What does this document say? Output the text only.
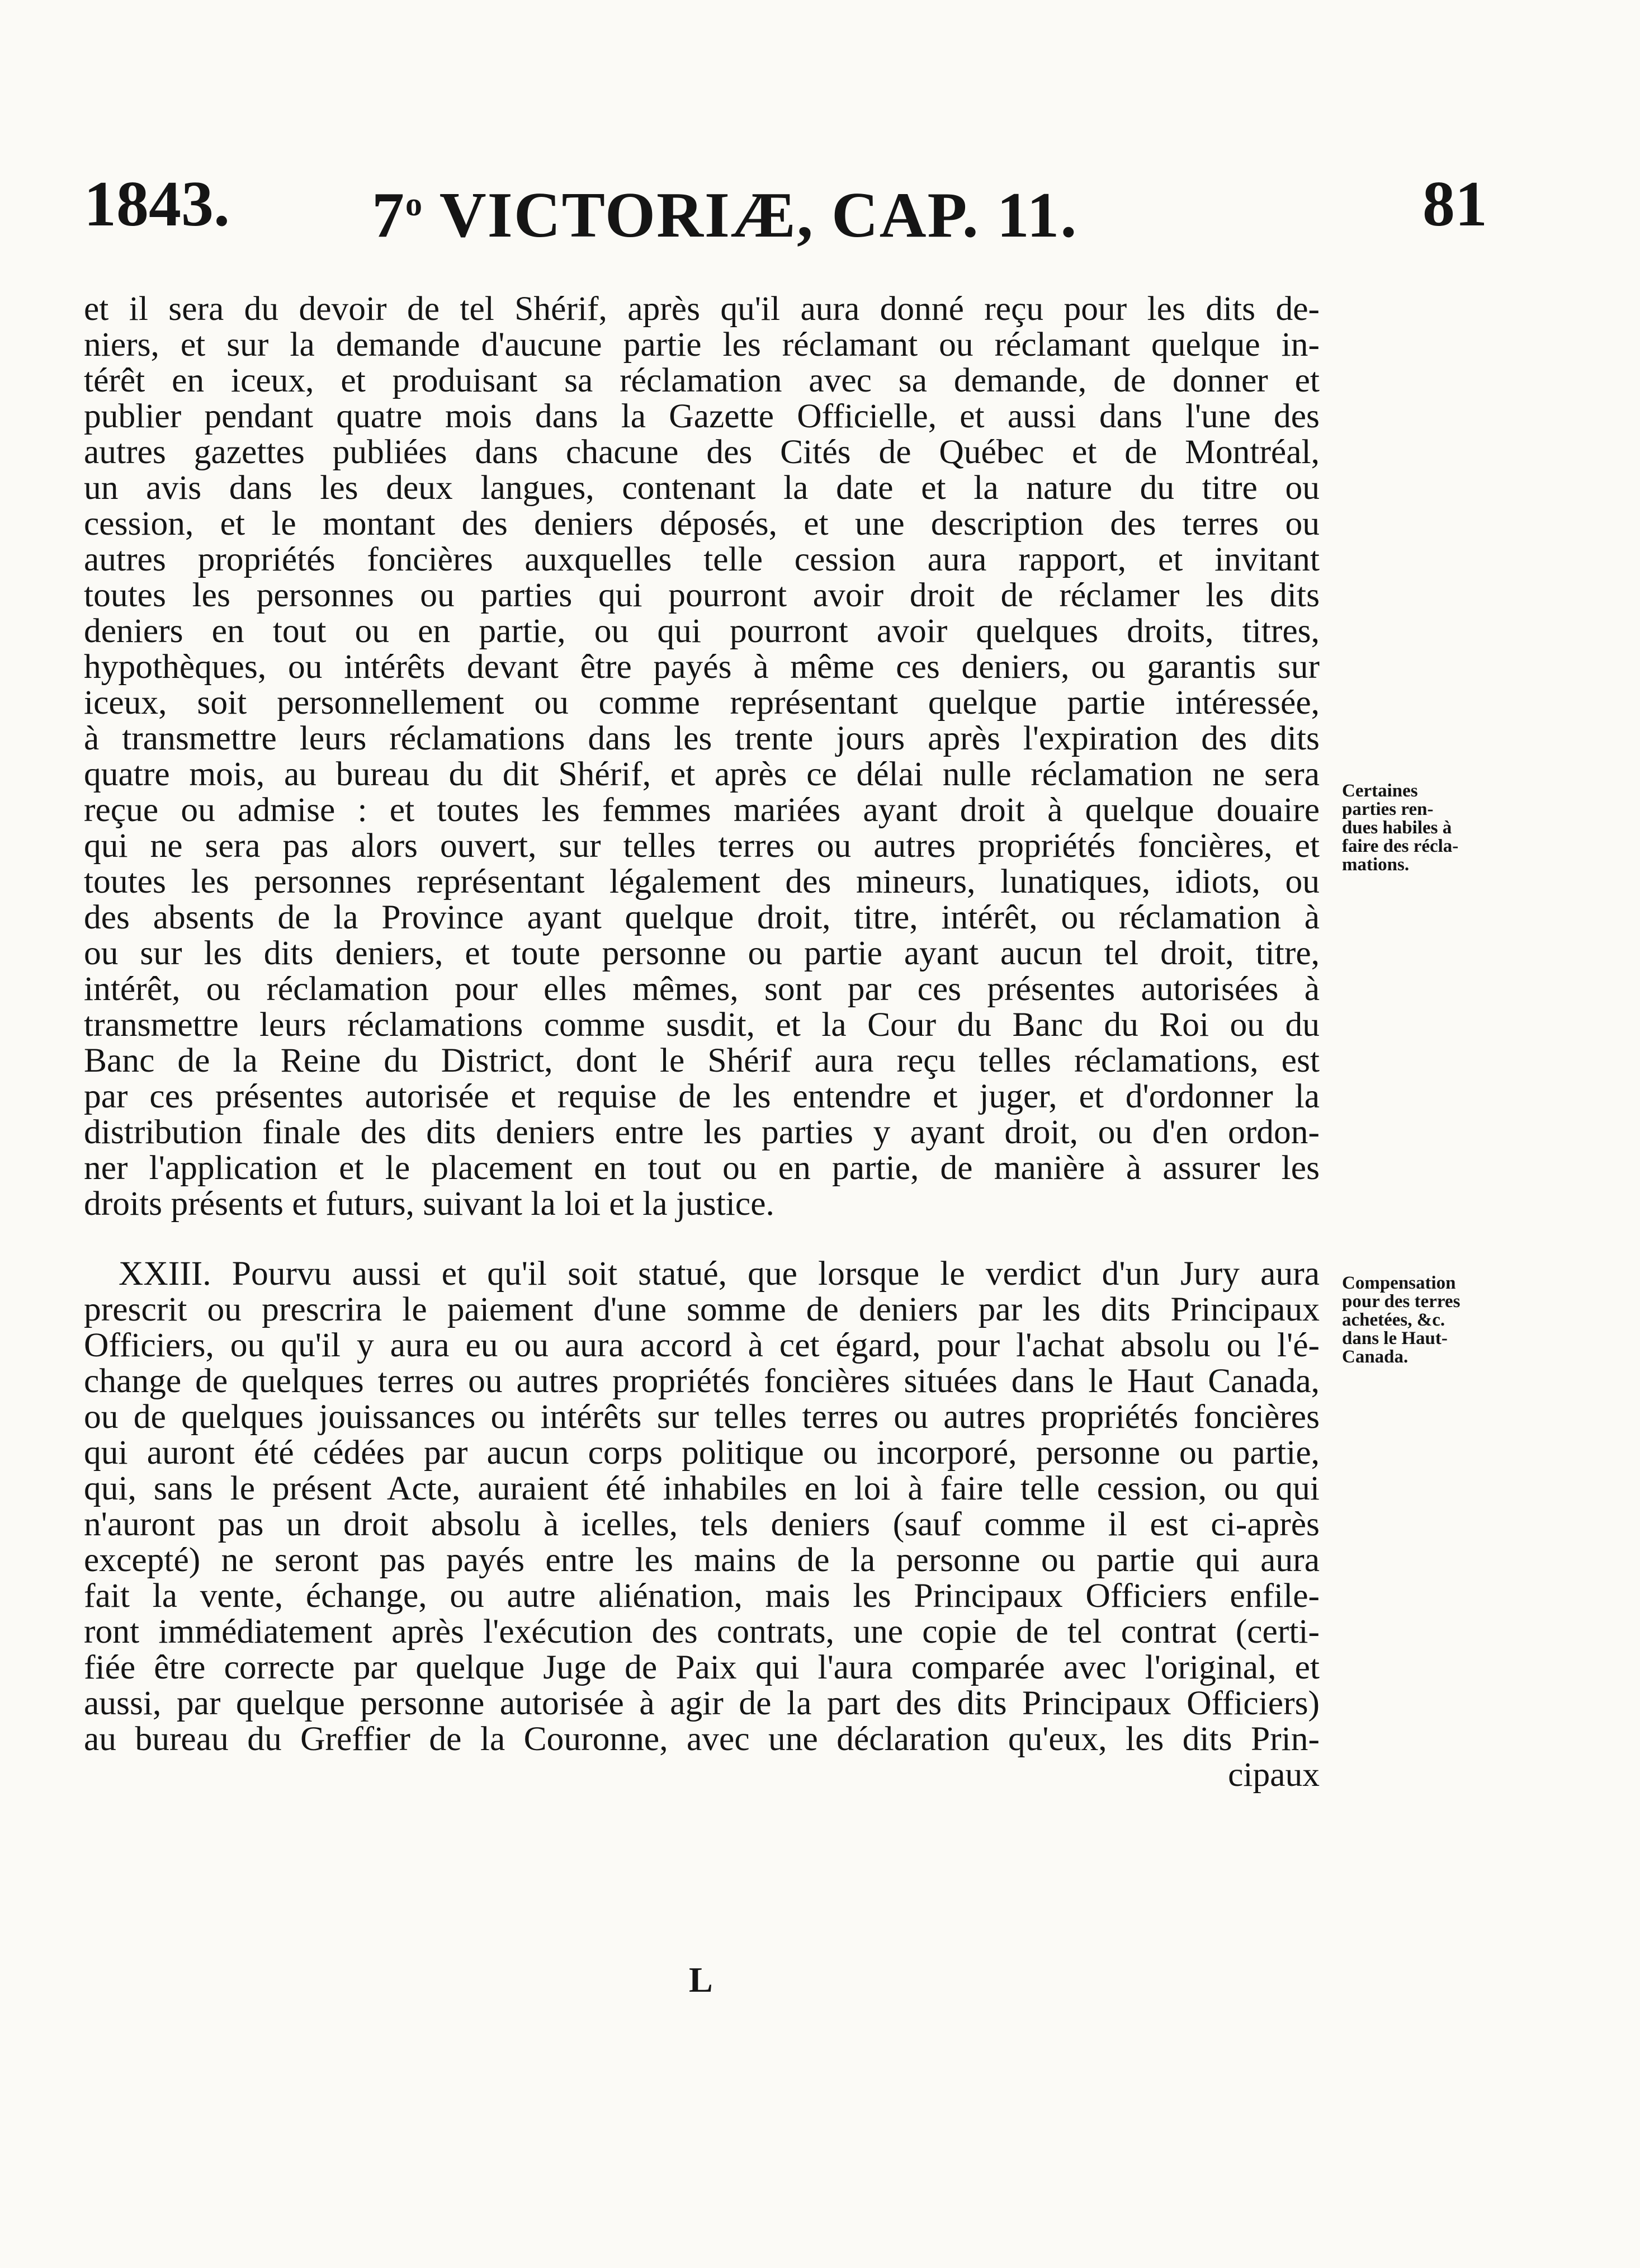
1843. 7$^o$ VICTORIÆ, CAP. 11.	81
et il sera du devoir de tel Shérif, après qu'il aura donné reçu pour les dits de-
niers, et sur la demande d'aucune partie les réclamant ou réclamant quelque in-
térêt en iceux, et produisant sa réclamation avec sa demande, de donner et
publier pendant quatre mois dans la Gazette Officielle, et aussi dans l'une des
autres gazettes publiées dans chacune des Cités de Québec et de Montréal,
un avis dans les deux langues, contenant la date et la nature du titre ou
cession, et le montant des deniers déposés, et une description des terres ou
autres propriétés foncières auxquelles telle cession aura rapport, et invitant
toutes les personnes ou parties qui pourront avoir droit de réclamer les dits
deniers en tout ou en partie, ou qui pourront avoir quelques droits, titres,
hypothèques, ou intérêts devant être payés à même ces deniers, ou garantis sur
iceux, soit personnellement ou comme représentant quelque partie intéressée,
à transmettre leurs réclamations dans les trente jours après l'expiration des dits
quatre mois, au bureau du dit Shérif, et après ce délai nulle réclamation ne sera
reçue ou admise : et toutes les femmes mariées ayant droit à quelque douaire
qui ne sera pas alors ouvert, sur telles terres ou autres propriétés foncières, et
toutes les personnes représentant légalement des mineurs, lunatiques, idiots, ou
des absents de la Province ayant quelque droit, titre, intérêt, ou réclamation à
ou sur les dits deniers, et toute personne ou partie ayant aucun tel droit, titre,
intérêt, ou réclamation pour elles mêmes, sont par ces présentes autorisées à
transmettre leurs réclamations comme susdit, et la Cour du Banc du Roi ou du
Banc de la Reine du District, dont le Shérif aura reçu telles réclamations, est
par ces présentes autorisée et requise de les entendre et juger, et d'ordonner la
distribution finale des dits deniers entre les parties y ayant droit, ou d'en ordon-
ner l'application et le placement en tout ou en partie, de manière à assurer les
droits présents et futurs, suivant la loi et la justice.
Certaines
parties ren-
dues habiles à
faire des récla-
mations.
XXIII. Pourvu aussi et qu'il soit statué, que lorsque le verdict d'un Jury aura
prescrit ou prescrira le paiement d'une somme de deniers par les dits Principaux
Officiers, ou qu'il y aura eu ou aura accord à cet égard, pour l'achat absolu ou l'é-
change de quelques terres ou autres propriétés foncières situées dans le Haut Canada,
ou de quelques jouissances ou intérêts sur telles terres ou autres propriétés foncières
qui auront été cédées par aucun corps politique ou incorporé, personne ou partie,
qui, sans le présent Acte, auraient été inhabiles en loi à faire telle cession, ou qui
n'auront pas un droit absolu à icelles, tels deniers (sauf comme il est ci-après
excepté) ne seront pas payés entre les mains de la personne ou partie qui aura
fait la vente, échange, ou autre aliénation, mais les Principaux Officiers enfile-
ront immédiatement après l'exécution des contrats, une copie de tel contrat (certi-
fiée être correcte par quelque Juge de Paix qui l'aura comparée avec l'original, et
aussi, par quelque personne autorisée à agir de la part des dits Principaux Officiers)
au bureau du Greffier de la Couronne, avec une déclaration qu'eux, les dits Prin-
cipaux
Compensation
pour des terres
achetées, &c.
dans le Haut-
Canada.
L
